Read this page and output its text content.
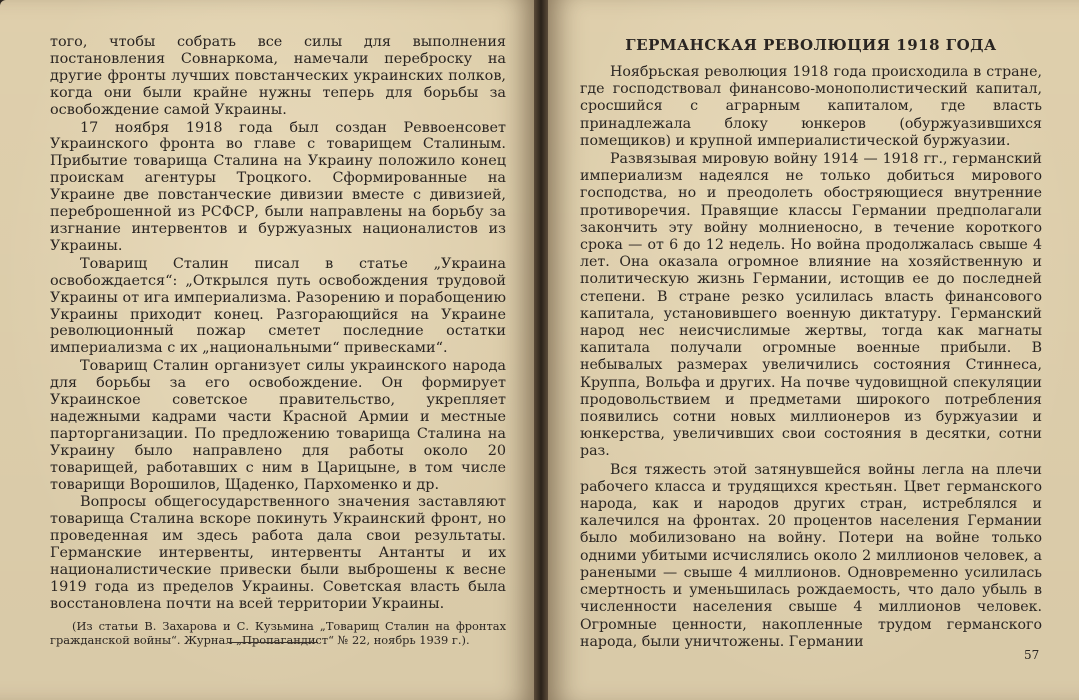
того, чтобы собрать все силы для выполнения постановления Совнаркома, намечали переброску на другие фронты лучших повстанческих украинских полков, когда они были крайне нужны теперь для борьбы за освобождение самой Украины.

17 ноября 1918 года был создан Реввоенсовет Украинского фронта во главе с товарищем Сталиным. Прибытие товарища Сталина на Украину положило конец проискам агентуры Троцкого. Сформированные на Украине две повстанческие дивизии вместе с дивизией, переброшенной из РСФСР, были направлены на борьбу за изгнание интервентов и буржуазных националистов из Украины.

Товарищ Сталин писал в статье „Украина освобождается“: „Открылся путь освобождения трудовой Украины от ига империализма. Разорению и порабощению Украины приходит конец. Разгорающийся на Украине революционный пожар сметет последние остатки империализма с их „национальными“ привесками“.

Товарищ Сталин организует силы украинского народа для борьбы за его освобождение. Он формирует Украинское советское правительство, укрепляет надежными кадрами части Красной Армии и местные парторганизации. По предложению товарища Сталина на Украину было направлено для работы около 20 товарищей, работавших с ним в Царицыне, в том числе товарищи Ворошилов, Щаденко, Пархоменко и др.

Вопросы общегосударственного значения заставляют товарища Сталина вскоре покинуть Украинский фронт, но проведенная им здесь работа дала свои результаты. Германские интервенты, интервенты Антанты и их националистические привески были выброшены к весне 1919 года из пределов Украины. Советская власть была восстановлена почти на всей территории Украины.

(Из статьи В. Захарова и С. Кузьмина „Товарищ Сталин на фронтах гражданской войны“. Журнал „Пропагандист“ № 22, ноябрь 1939 г.).

ГЕРМАНСКАЯ РЕВОЛЮЦИЯ 1918 ГОДА

Ноябрьская революция 1918 года происходила в стране, где господствовал финансово-монополистический капитал, сросшийся с аграрным капиталом, где власть принадлежала блоку юнкеров (обуржуазившихся помещиков) и крупной империалистической буржуазии.

Развязывая мировую войну 1914 — 1918 гг., германский империализм надеялся не только добиться мирового господства, но и преодолеть обостряющиеся внутренние противоречия. Правящие классы Германии предполагали закончить эту войну молниеносно, в течение короткого срока — от 6 до 12 недель. Но война продолжалась свыше 4 лет. Она оказала огромное влияние на хозяйственную и политическую жизнь Германии, истощив ее до последней степени. В стране резко усилилась власть финансового капитала, установившего военную диктатуру. Германский народ нес неисчислимые жертвы, тогда как магнаты капитала получали огромные военные прибыли. В небывалых размерах увеличились состояния Стиннеса, Круппа, Вольфа и других. На почве чудовищной спекуляции продовольствием и предметами широкого потребления появились сотни новых миллионеров из буржуазии и юнкерства, увеличивших свои состояния в десятки, сотни раз.

Вся тяжесть этой затянувшейся войны легла на плечи рабочего класса и трудящихся крестьян. Цвет германского народа, как и народов других стран, истреблялся и калечился на фронтах. 20 процентов населения Германии было мобилизовано на войну. Потери на войне только одними убитыми исчислялись около 2 миллионов человек, а ранеными — свыше 4 миллионов. Одновременно усилилась смертность и уменьшилась рождаемость, что дало убыль в численности населения свыше 4 миллионов человек. Огромные ценности, накопленные трудом германского народа, были уничтожены. Германии

57
